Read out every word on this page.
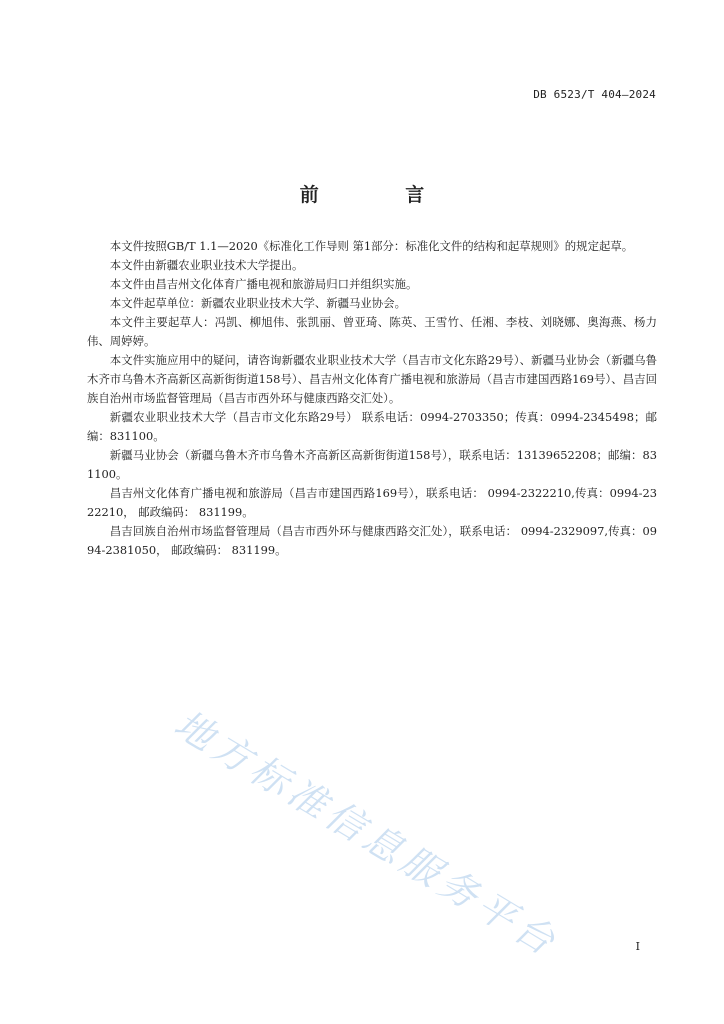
DB 6523/T 404—2024
前 言

本文件按照GB/T 1.1—2020《标准化工作导则 第1部分：标准化文件的结构和起草规则》的规定起草。

本文件由新疆农业职业技术大学提出。

本文件由昌吉州文化体育广播电视和旅游局归口并组织实施。

本文件起草单位：新疆农业职业技术大学、新疆马业协会。

本文件主要起草人：冯凯、柳旭伟、张凯丽、曾亚琦、陈英、王雪竹、任湘、李枝、刘晓娜、奥海燕、杨力伟、周婷婷。

本文件实施应用中的疑问，请咨询新疆农业职业技术大学（昌吉市文化东路29号）、新疆马业协会（新疆乌鲁木齐市乌鲁木齐高新区高新街街道158号）、昌吉州文化体育广播电视和旅游局（昌吉市建国西路169号）、昌吉回族自治州市场监督管理局（昌吉市西外环与健康西路交汇处）。

新疆农业职业技术大学（昌吉市文化东路29号） 联系电话：0994-2703350；传真：0994-2345498；邮编：831100。

新疆马业协会（新疆乌鲁木齐市乌鲁木齐高新区高新街街道158号），联系电话：13139652208；邮编：831100。

昌吉州文化体育广播电视和旅游局（昌吉市建国西路169号），联系电话： 0994-2322210,传真：0994-2322210， 邮政编码： 831199。

昌吉回族自治州市场监督管理局（昌吉市西外环与健康西路交汇处），联系电话： 0994-2329097,传真：0994-2381050， 邮政编码： 831199。

地方标准信息服务平台	I
